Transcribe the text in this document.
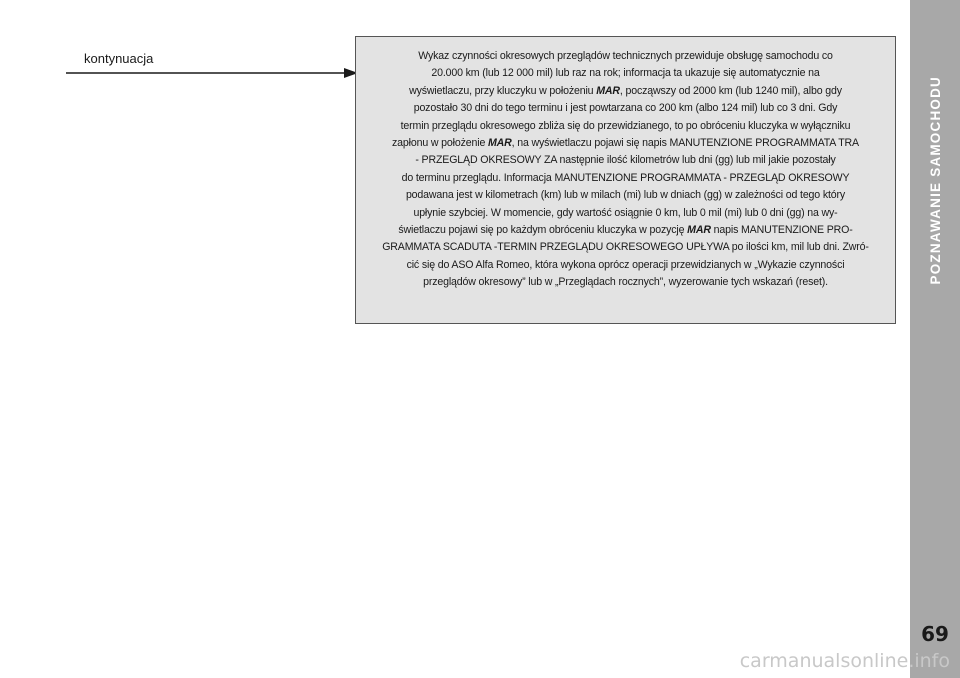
POZNAWANIE SAMOCHODU
69
kontynuacja	Wykaz czynności okresowych przeglądów technicznych przewiduje obsługę samochodu co
20.000 km (lub 12 000 mil) lub raz na rok; informacja ta ukazuje się automatycznie na
wyświetlaczu, przy kluczyku w położeniu MAR, począwszy od 2000 km (lub 1240 mil), albo gdy
pozostało 30 dni do tego terminu i jest powtarzana co 200 km (albo 124 mil) lub co 3 dni. Gdy
termin przeglądu okresowego zbliża się do przewidzianego, to po obróceniu kluczyka w wyłączniku
zapłonu w położenie MAR, na wyświetlaczu pojawi się napis MANUTENZIONE PROGRAMMATA TRA
- PRZEGLĄD OKRESOWY ZA następnie ilość kilometrów lub dni (gg) lub mil jakie pozostały
do terminu przeglądu. Informacja MANUTENZIONE PROGRAMMATA - PRZEGLĄD OKRESOWY
podawana jest w kilometrach (km) lub w milach (mi) lub w dniach (gg) w zależności od tego który
upłynie szybciej. W momencie, gdy wartość osiągnie 0 km, lub 0 mil (mi) lub 0 dni (gg) na wy-
świetlaczu pojawi się po każdym obróceniu kluczyka w pozycję MAR napis MANUTENZIONE PRO-
GRAMMATA SCADUTA -TERMIN PRZEGLĄDU OKRESOWEGO UPŁYWA po ilości km, mil lub dni. Zwró-
cić się do ASO Alfa Romeo, która wykona oprócz operacji przewidzianych w „Wykazie czynności
przeglądów okresowy” lub w „Przeglądach rocznych”, wyzerowanie tych wskazań (reset).

carmanualsonline.info
